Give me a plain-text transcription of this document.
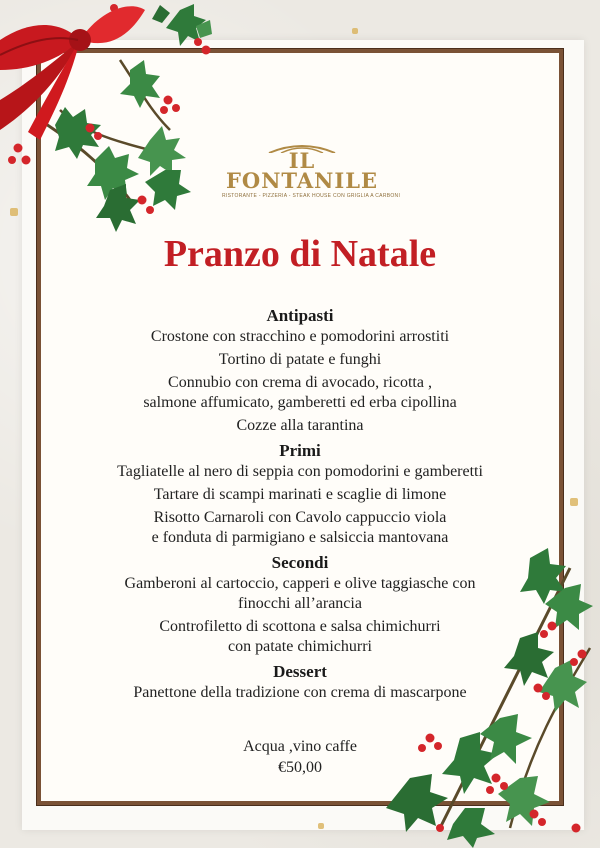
IL FONTANILE
RISTORANTE - PIZZERIA - STEAK HOUSE CON GRIGLIA A CARBONI
Pranzo di Natale
Antipasti
Crostone con stracchino e pomodorini arrostiti
Tortino di patate e funghi
Connubio con crema di avocado, ricotta ,
salmone affumicato, gamberetti ed erba cipollina
Cozze alla tarantina
Primi
Tagliatelle al nero di seppia con pomodorini e gamberetti
Tartare di scampi marinati e scaglie di limone
Risotto Carnaroli con Cavolo cappuccio viola
e fonduta di parmigiano e salsiccia mantovana
Secondi
Gamberoni al cartoccio, capperi e olive taggiasche con
finocchi all’arancia
Controfiletto di scottona e salsa chimichurri
con patate chimichurri
Dessert
Panettone della tradizione con crema di mascarpone
Acqua ,vino caffe
€50,00
